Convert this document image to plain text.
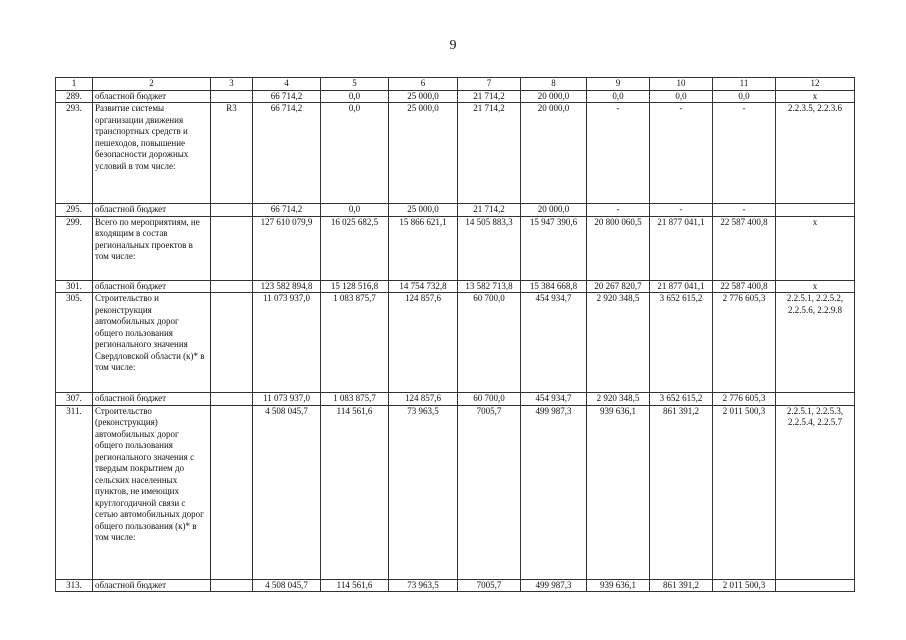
9
1	2	3	4	5	6	7	8	9	10	11	12
289.	областной бюджет		66 714,2	0,0	25 000,0	21 714,2	20 000,0	0,0	0,0	0,0	x
293.	Развитие системы организации движения транспортных средств и пешеходов, повышение безопасности дорожных условий в том числе:	R3	66 714,2	0,0	25 000,0	21 714,2	20 000,0	-	-	-	2.2.3.5, 2.2.3.6
295.	областной бюджет		66 714,2	0,0	25 000,0	21 714,2	20 000,0	-	-	-	
299.	Всего по мероприятиям, не входящим в состав региональных проектов в том числе:		127 610 079,9	16 025 682,5	15 866 621,1	14 505 883,3	15 947 390,6	20 800 060,5	21 877 041,1	22 587 400,8	x
301.	областной бюджет		123 582 894,8	15 128 516,8	14 754 732,8	13 582 713,8	15 384 668,8	20 267 820,7	21 877 041,1	22 587 400,8	x
305.	Строительство и реконструкция автомобильных дорог общего пользования регионального значения Свердловской области (к)* в том числе:		11 073 937,0	1 083 875,7	124 857,6	60 700,0	454 934,7	2 920 348,5	3 652 615,2	2 776 605,3	2.2.5.1, 2.2.5.2, 2.2.5.6, 2.2.9.8
307.	областной бюджет		11 073 937,0	1 083 875,7	124 857,6	60 700,0	454 934,7	2 920 348,5	3 652 615,2	2 776 605,3	
311.	Строительство (реконструкция) автомобильных дорог общего пользования регионального значения с твердым покрытием до сельских населенных пунктов, не имеющих круглогодичной связи с сетью автомобильных дорог общего пользования (к)* в том числе:		4 508 045,7	114 561,6	73 963,5	7005,7	499 987,3	939 636,1	861 391,2	2 011 500,3	2.2.5.1, 2.2.5.3, 2.2.5.4, 2.2.5.7
313.	областной бюджет		4 508 045,7	114 561,6	73 963,5	7005,7	499 987,3	939 636,1	861 391,2	2 011 500,3	
